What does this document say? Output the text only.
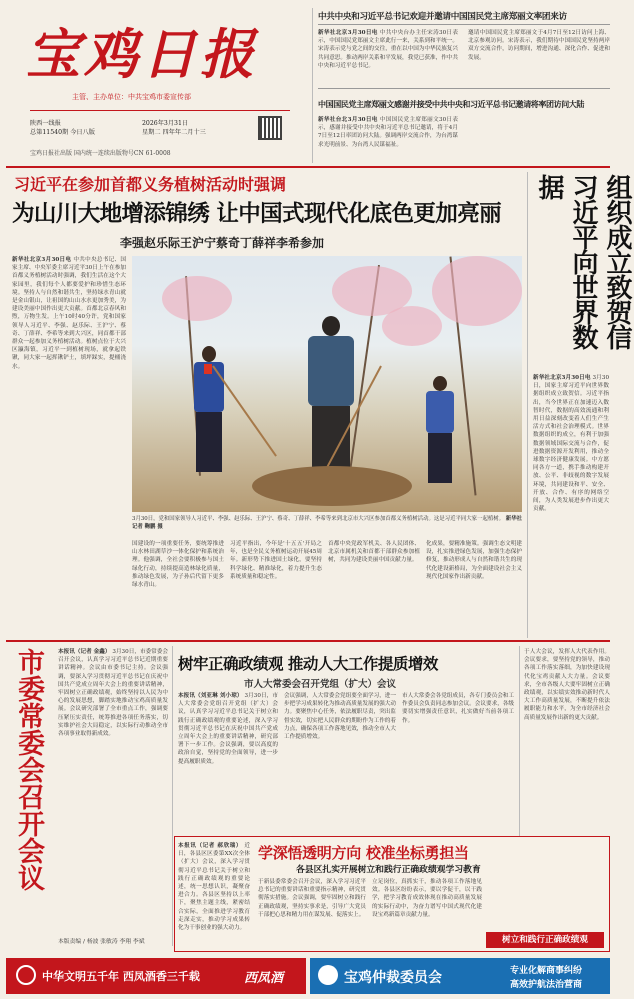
宝鸡日报
主管、主办单位：中共宝鸡市委宣传部
陕西一线报
总第11540期 今日八版
2026年3月31日
星期二 四年年二月十三
宝鸡日报社出版 国内统一连续出版物号CN 61-0008
中共中央和习近平总书记欢迎并邀请中国国民党主席郑丽文率团来访
新华社北京3月30日电 中共中央台办主任宋涛30日表示，中国国民党郑丽文主席此行一来，关系到和平统一。宋涛表示党与党之间的交往，重在以中国为中华民族复兴共同意思。推动两岸关系和平发展，我党已获准，作中共中央和习近平总书记。
邀请中国国民党主席郑丽文于4月7日至12日访问上海、北京参观访问。宋涛表示，我们期待中国国民党坚持两岸双方交流合作，访问期间，增进沟通、深化合作、促进和发展。
中国国民党主席郑丽文感谢并接受中共中央和习近平总书记邀请将率团访问大陆
新华社台北3月30日电 中国国民党主席郑丽文30日表示，感谢并接受中共中央和习近平总书记邀请，将于4月7日至12日率团访问大陆。强调两岸交流合作，为台湾谋求光明前景、为台湾人民谋福祉。
习近平在参加首都义务植树活动时强调
为山川大地增添锦绣 让中国式现代化底色更加亮丽
李强赵乐际王沪宁蔡奇丁薛祥李希参加
新华社北京3月30日电 中共中央总书记、国家主席、中央军委主席习近平30日上午在参加首都义务植树活动时强调，我们生活在这个大家园里，我们每个人都要爱护和珍惜生态环境。坚持人与自然和谐共生，坚持绿水青山就是金山银山，让祖国的山山水水更加秀美，为建设美丽中国作出更大贡献。首都北京春风和煦，万物生发。上午10时40分许，党和国家领导人习近平、李强、赵乐际、王沪宁、蔡奇、丁薛祥、李希等来到大兴区，同首都干部群众一起参加义务植树活动。植树点位于大兴区瀛海镇，习近平一到植树现场，就拿起铁锹，同大家一起挥锹铲土，填坪踩实，提桶浇水。
3月30日，党和国家领导人习近平、李强、赵乐际、王沪宁、蔡奇、丁薛祥、李希等来到北京市大兴区参加首都义务植树活动。这是习近平同大家一起植树。 新华社记者 鞠鹏 摄
国建设的一项重要任务，要统筹推进山水林田湖草沙一体化保护和系统治理。他强调，全社会要积极参与国土绿化行动，持续提高造林绿化质量，推动绿色发展，为子孙后代留下更多绿水青山。
习近平指出，今年是'十五五'开局之年，也是全民义务植树运动开展45周年。新形势下推进国土绿化，要坚持科学绿化、精准绿化，着力提升生态系统质量和稳定性。
首都中央党政军机关、各人民团体、北京市属机关和首都干部群众参加植树，共同为建设美丽中国贡献力量。
化成果，要精准施策。强调生态文明建设，扎实推进绿色发展，加强生态保护修复，推动形成人与自然和谐共生的现代化建设新格局，为全面建设社会主义现代化国家作出新贡献。
组织成立致贺信习近平向世界数据
新华社北京3月30日电 3月30日，国家主席习近平向世界数据组织成立致贺信。习近平指出，当今世界正在加速迈入数智时代，数据的高效流通和利用日益深刻改变着人们生产生活方式和社会治理模式。世界数据组织的成立，有利于加强数据领域国际交流与合作，促进数据资源开发利用，推动全球数字经济健康发展。中方愿同各方一道，携手推动构建开放、公平、非歧视的数字发展环境，共同建设和平、安全、开放、合作、有序的网络空间，为人类发展进步作出更大贡献。
市委常委会召开会议	本报讯（记者 金鑫） 3月30日，市委常委会召开会议，认真学习习近平总书记近期重要讲话精神。会议由市委书记主持。会议强调，要深入学习贯彻习近平总书记在庆祝中国共产党成立周年大会上的重要讲话精神，牢固树立正确政绩观，始终坚持以人民为中心的发展思想，脚踏实地推动宝鸡高质量发展。会议研究部署了全市重点工作，强调要压紧压实责任，统筹推进各项任务落实，切实维护社会大局稳定，以实际行动推动全市各项事业取得新成效。
本版责编 / 杨波 张敏涛 李翔 李斌
树牢正确政绩观 推动人大工作提质增效
市人大常委会召开党组（扩大）会议
本报讯（刘亚琳 刘小琼） 3月30日，市人大常委会党组召开党组（扩大）会议，认真学习习近平总书记关于树立和践行正确政绩观的重要论述，深入学习贯彻习近平总书记在庆祝中国共产党成立周年大会上的重要讲话精神，研究部署下一步工作。会议强调，要以高度的政治自觉，坚持党的全面领导，进一步提高履职质效。
会议强调，人大常委会党组要全面学习，进一步把学习成果转化为推动高质量发展的强大动力。要聚焦中心任务，依法履职尽责，突出监督实效，切实把人民群众的期盼作为工作的着力点，确保各项工作落地见效，推动全市人大工作提质增效。
市人大常委会各党组成员，各专门委员会和工作委员会负责同志参加会议。会议要求，各级要切实增强责任意识，扎实做好当前各项工作。
于人大会议，发挥人大代表作用。会议要求，要坚持党的领导，推动各项工作落实落细，为加快建设现代化宝鸡贡献人大力量。会议要求，全市各级人大要牢固树立正确政绩观，以实绩实效推动新时代人大工作高质量发展，不断提升依法履职能力和水平，为全市经济社会高质量发展作出新的更大贡献。
本报讯（记者 郝欣瑞） 近日，各县区区委第XX次全体（扩大）会议，深入学习贯彻习近平总书记关于树立和践行正确政绩观的重要论述，统一思想认识，凝聚奋进合力。各县区坚持以上率下，聚焦主题主线，紧密结合实际，全面推进学习教育走深走实，推动学习成果转化为干事创业的强大动力。
学深悟透明方向 校准坐标勇担当
各县区扎实开展树立和践行正确政绩观学习教育
于新县委常委会召开会议，深入学习习近平总书记的重要讲话和重要指示精神，研究贯彻落实措施。会议强调，要牢固树立和践行正确政绩观，坚持实事求是，引导广大党员干部把心思和精力用在谋发展、促落实上。
立足岗位，真抓实干，推动各项工作落地见效。各县区纷纷表示，要以学促干，以干践学，把学习教育成效体现在推动高质量发展的实际行动中，为奋力谱写中国式现代化建设宝鸡新篇章贡献力量。
树立和践行正确政绩观
中华文明五千年 西凤酒香三千载	西凤酒	宝鸡仲裁委员会	专业化解商事纠纷
高效护航法治营商
